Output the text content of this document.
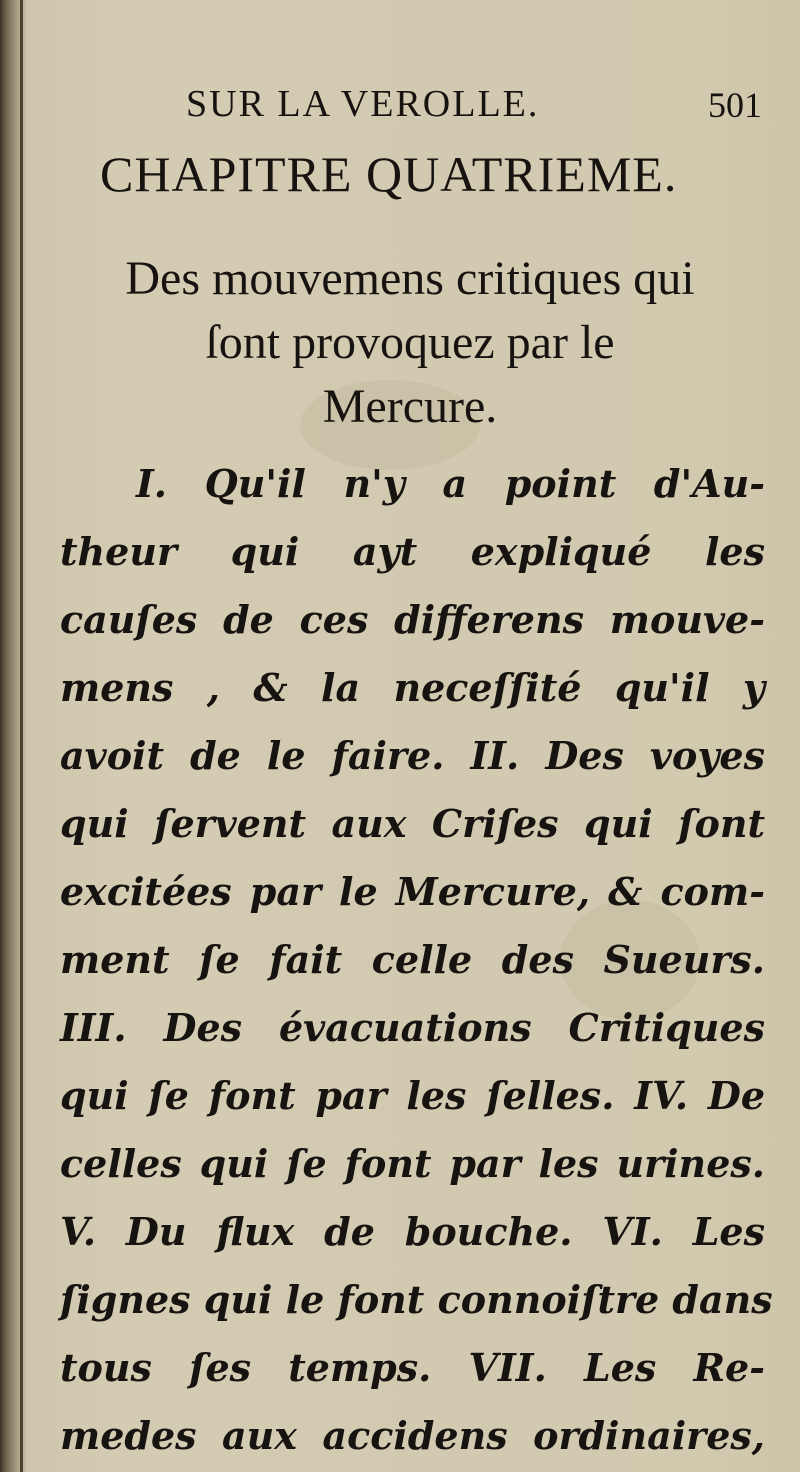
SUR LA VEROLLE.	501
CHAPITRE QUATRIEME.
Des mouvemens critiques qui
ſont provoquez par le
Mercure.
I. Qu'il n'y a point d'Au-
theur qui ayt expliqué les
cauſes de ces differens mouve-
mens , & la neceſſité qu'il y
avoit de le faire. II. Des voyes
qui ſervent aux Criſes qui ſont
excitées par le Mercure, & com-
ment ſe fait celle des Sueurs.
III. Des évacuations Critiques
qui ſe font par les ſelles. IV. De
celles qui ſe font par les urines.
V. Du flux de bouche. VI. Les
ſignes qui le font connoiſtre dans
tous ſes temps. VII. Les Re-
medes aux accidens ordinaires,
